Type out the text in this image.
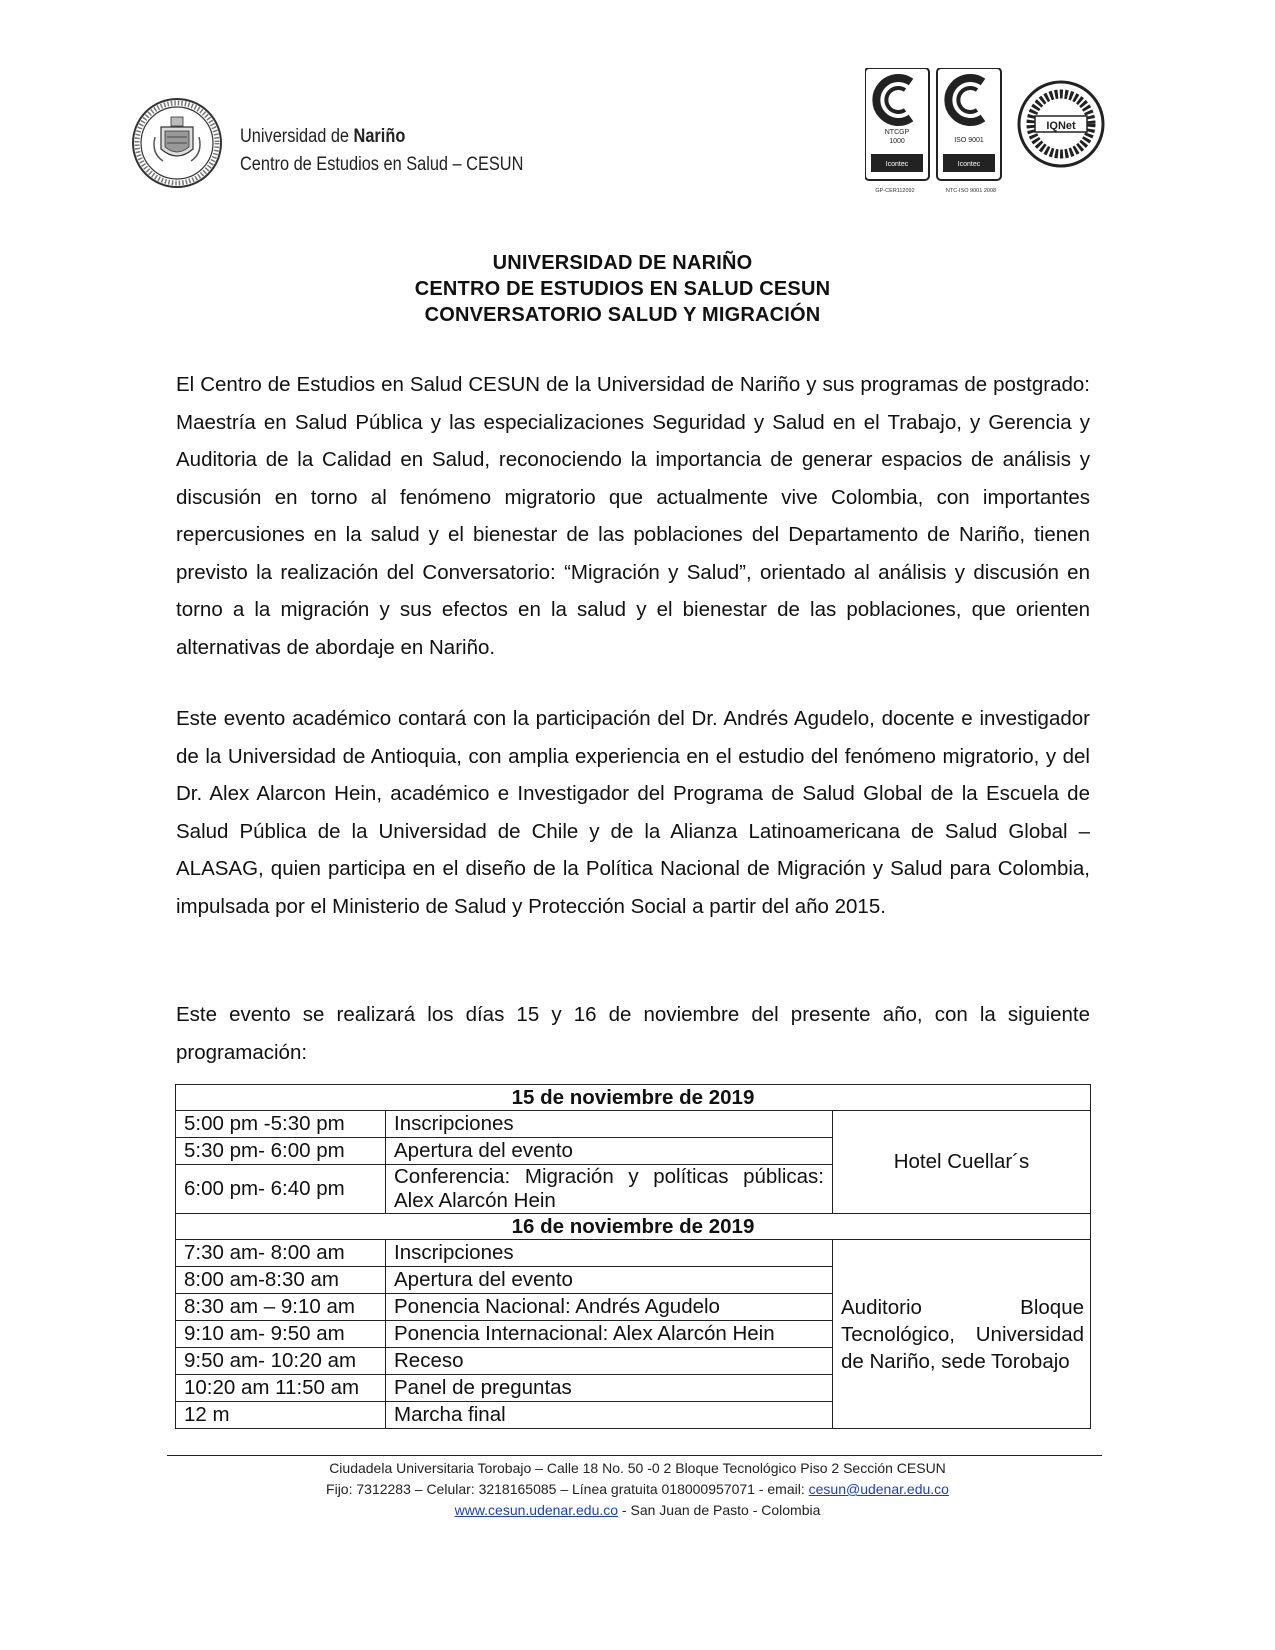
Universidad de Nariño
Centro de Estudios en Salud – CESUN
NTCGP
1000
Icontec
ISO 9001
Icontec
GP-CER112092	NTC-ISO 9001 2008
IQNet
UNIVERSIDAD DE NARIÑO
CENTRO DE ESTUDIOS EN SALUD CESUN
CONVERSATORIO SALUD Y MIGRACIÓN
El Centro de Estudios en Salud CESUN de la Universidad de Nariño y sus programas de postgrado: Maestría en Salud Pública y las especializaciones Seguridad y Salud en el Trabajo, y Gerencia y Auditoria de la Calidad en Salud, reconociendo la importancia de generar espacios de análisis y discusión en torno al fenómeno migratorio que actualmente vive Colombia, con importantes repercusiones en la salud y el bienestar de las poblaciones del Departamento de Nariño, tienen previsto la realización del Conversatorio: “Migración y Salud”, orientado al análisis y discusión en torno a la migración y sus efectos en la salud y el bienestar de las poblaciones, que orienten alternativas de abordaje en Nariño.
Este evento académico contará con la participación del Dr. Andrés Agudelo, docente e investigador de la Universidad de Antioquia, con amplia experiencia en el estudio del fenómeno migratorio, y del Dr. Alex Alarcon Hein, académico e Investigador del Programa de Salud Global de la Escuela de Salud Pública de la Universidad de Chile y de la Alianza Latinoamericana de Salud Global – ALASAG, quien participa en el diseño de la Política Nacional de Migración y Salud para Colombia, impulsada por el Ministerio de Salud y Protección Social a partir del año 2015.
Este evento se realizará los días 15 y 16 de noviembre del presente año, con la siguiente programación:
15 de noviembre de 2019		
5:00 pm -5:30 pm	Inscripciones	Hotel Cuellar´s
5:30 pm- 6:00 pm	Apertura del evento	
6:00 pm- 6:40 pm	Conferencia: Migración y políticas públicas:
Alex Alarcón Hein	
16 de noviembre de 2019		
7:30 am- 8:00 am	Inscripciones	Auditorio Bloque Tecnológico, Universidad de Nariño, sede Torobajo
8:00 am-8:30 am	Apertura del evento	
8:30 am – 9:10 am	Ponencia Nacional: Andrés Agudelo	
9:10 am- 9:50 am	Ponencia Internacional: Alex Alarcón Hein	
9:50 am- 10:20 am	Receso	
10:20 am 11:50 am	Panel de preguntas	
12 m	Marcha final	
Ciudadela Universitaria Torobajo – Calle 18 No. 50 -0 2 Bloque Tecnológico Piso 2 Sección CESUN
Fijo: 7312283 – Celular: 3218165085 – Línea gratuita 018000957071 - email: cesun@udenar.edu.co
www.cesun.udenar.edu.co - San Juan de Pasto - Colombia
